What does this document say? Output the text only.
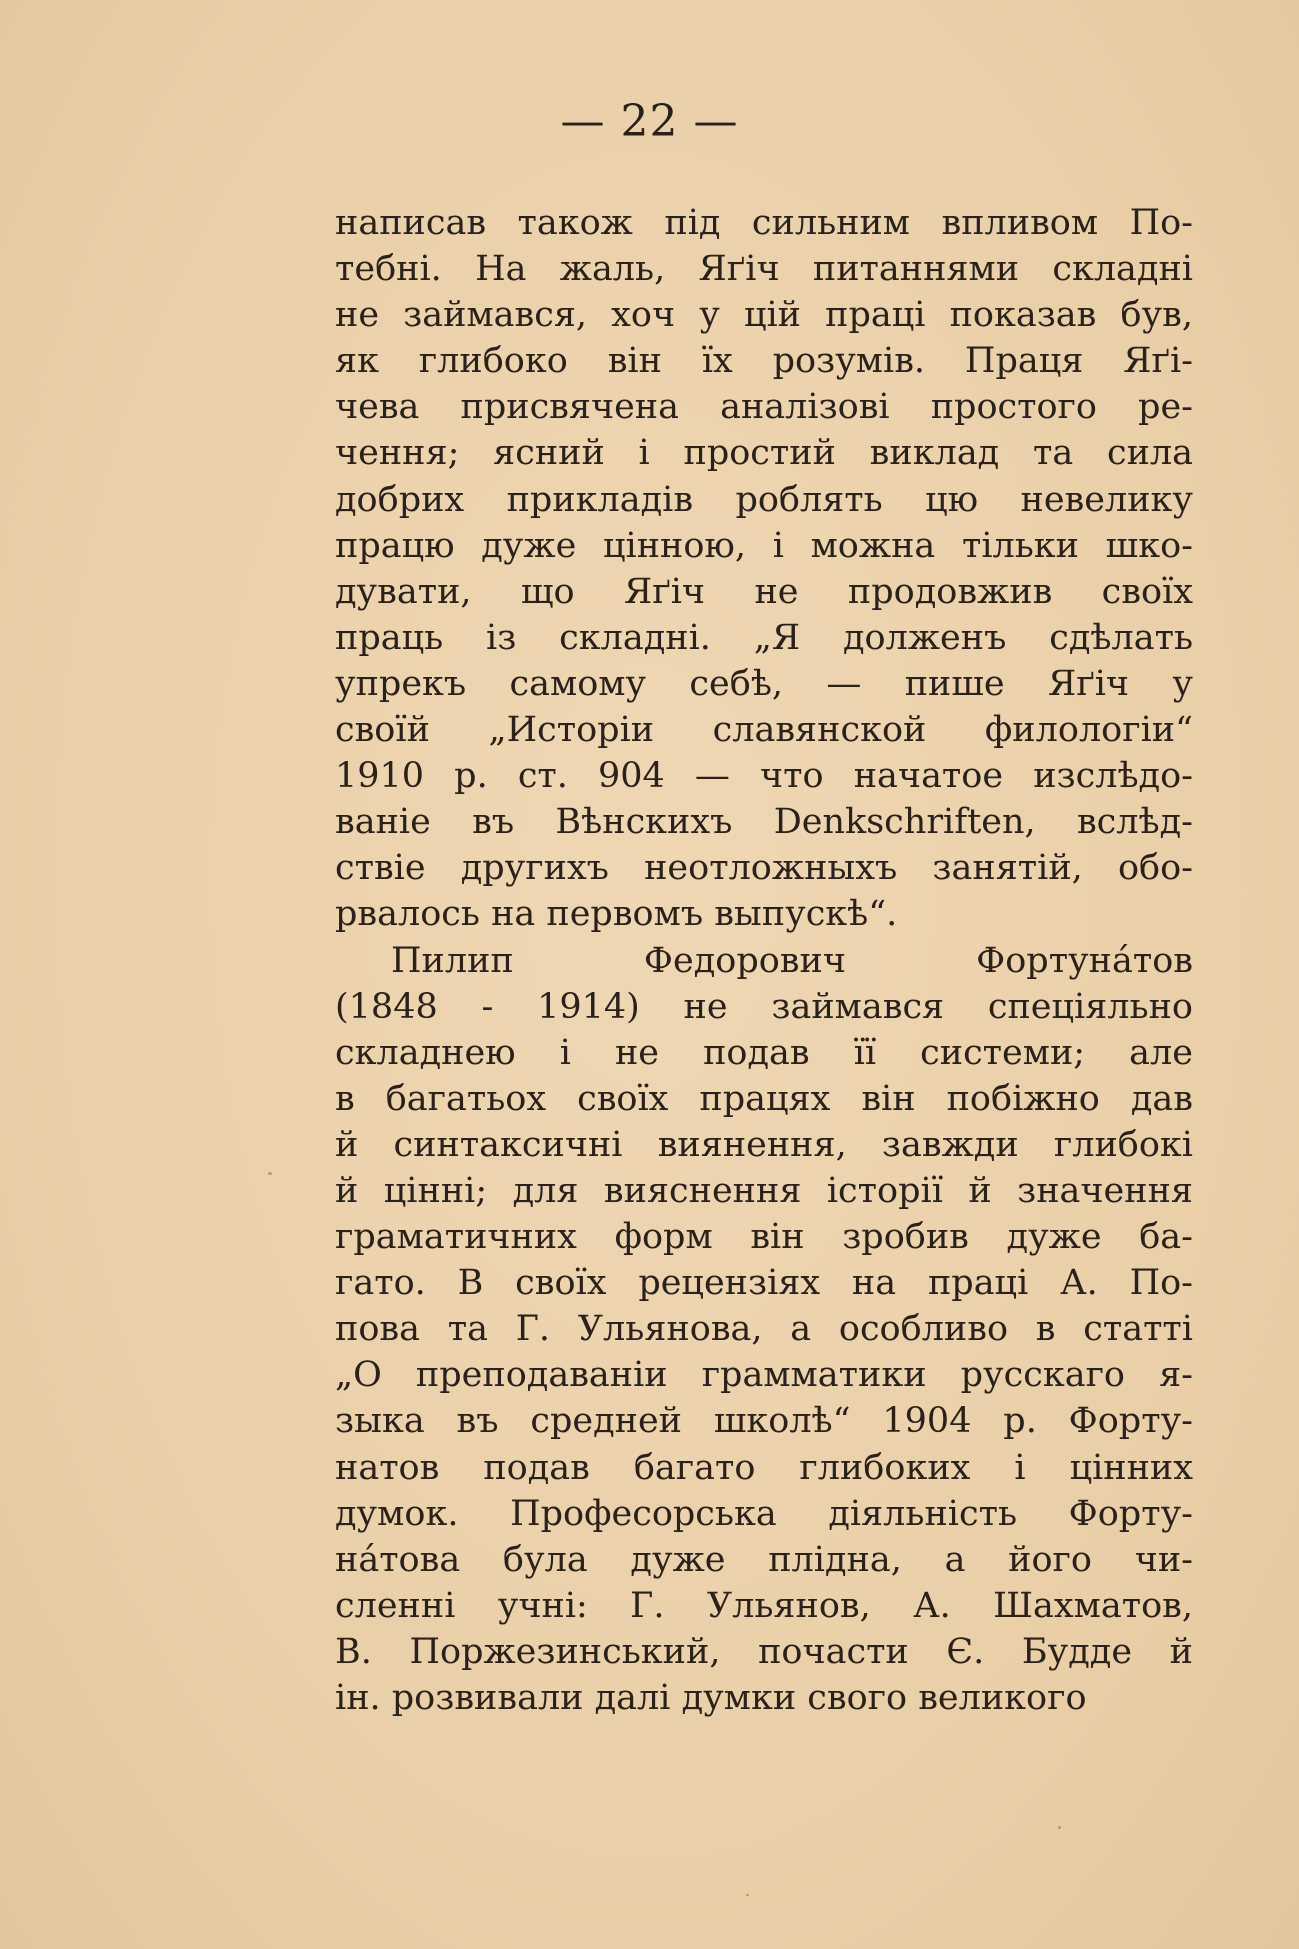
— 22 —
написав також під сильним впливом По-
тебні. На жаль, Яґіч питаннями складні
не займався, хоч у цій праці показав був,
як глибоко він їх розумів. Праця Яґі-
чева присвячена аналізові простого ре-
чення; ясний і простий виклад та сила
добрих прикладів роблять цю невелику
працю дуже цінною, і можна тільки шко-
дувати, що Яґіч не продовжив своїх
праць із складні. „Я долженъ сдѣлать
упрекъ самому себѣ, — пише Яґіч у
своїй „Исторіи славянской филологіи“
1910 р. ст. 904 — что начатое изслѣдо-
ваніе въ Вѣнскихъ Denkschriften, вслѣд-
ствіе другихъ неотложныхъ занятій, обо-
рвалось на первомъ выпускѣ“.
Пилип Федорович Фортуна́тов
(1848 - 1914) не займався спеціяльно
складнею і не подав її системи; але
в багатьох своїх працях він побіжно дав
й синтаксичні виянення, завжди глибокі
й цінні; для вияснення історії й значення
граматичних форм він зробив дуже ба-
гато. В своїх рецензіях на праці А. По-
пова та Г. Ульянова, а особливо в статті
„О преподаваніи грамматики русскаго я-
зыка въ средней школѣ“ 1904 р. Форту-
натов подав багато глибоких і цінних
думок. Професорська діяльність Форту-
на́това була дуже плідна, а його чи-
сленні учні: Г. Ульянов, А. Шахматов,
В. Поржезинський, почасти Є. Будде й
ін. розвивали далі думки свого великого
